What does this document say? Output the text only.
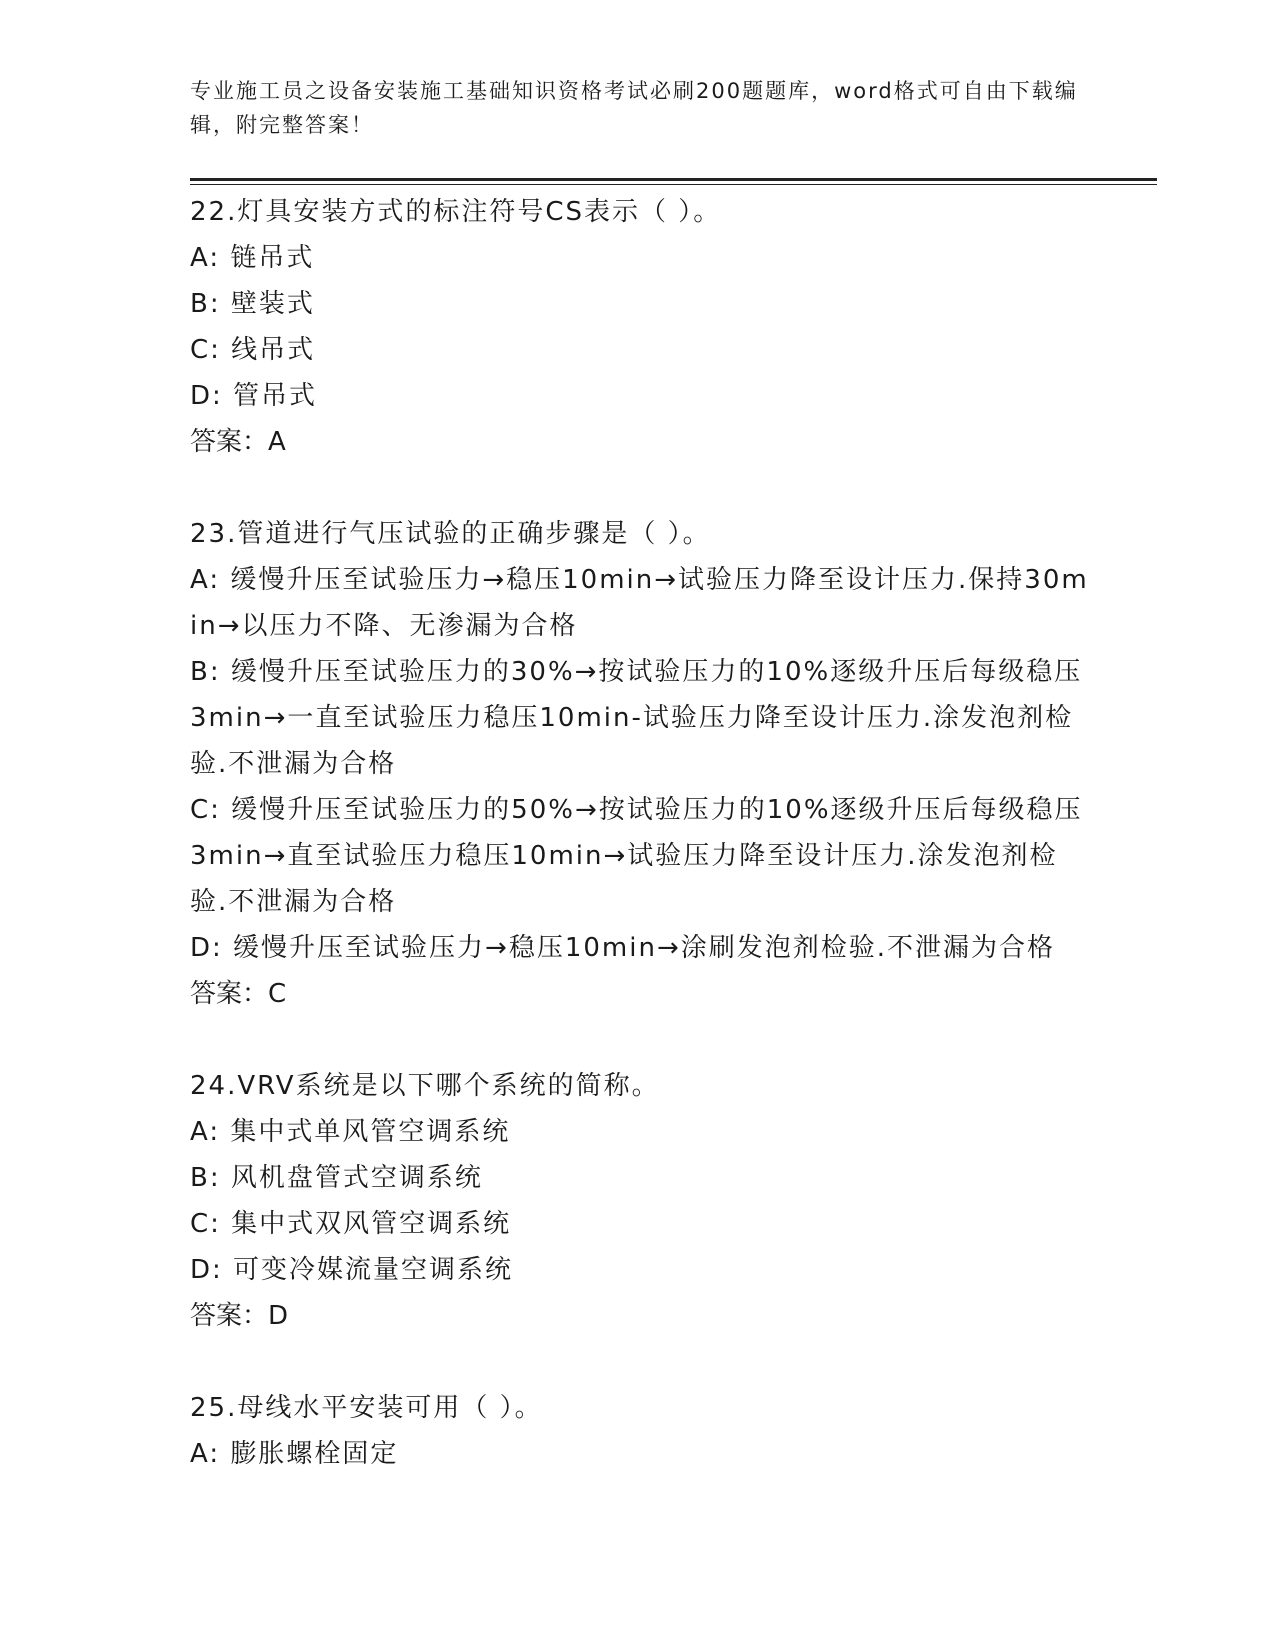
专业施工员之设备安装施工基础知识资格考试必刷200题题库，word格式可自由下载编辑，附完整答案！
22.灯具安装方式的标注符号CS表示（ ）。
A: 链吊式
B: 壁装式
C: 线吊式
D: 管吊式
答案：A
23.管道进行气压试验的正确步骤是（ ）。
A: 缓慢升压至试验压力→稳压10min→试验压力降至设计压力.保持30min→以压力不降、无渗漏为合格
B: 缓慢升压至试验压力的30%→按试验压力的10%逐级升压后每级稳压3min→一直至试验压力稳压10min-试验压力降至设计压力.涂发泡剂检验.不泄漏为合格
C: 缓慢升压至试验压力的50%→按试验压力的10%逐级升压后每级稳压3min→直至试验压力稳压10min→试验压力降至设计压力.涂发泡剂检验.不泄漏为合格
D: 缓慢升压至试验压力→稳压10min→涂刷发泡剂检验.不泄漏为合格
答案：C
24.VRV系统是以下哪个系统的简称。
A: 集中式单风管空调系统
B: 风机盘管式空调系统
C: 集中式双风管空调系统
D: 可变冷媒流量空调系统
答案：D
25.母线水平安装可用（ ）。
A: 膨胀螺栓固定
